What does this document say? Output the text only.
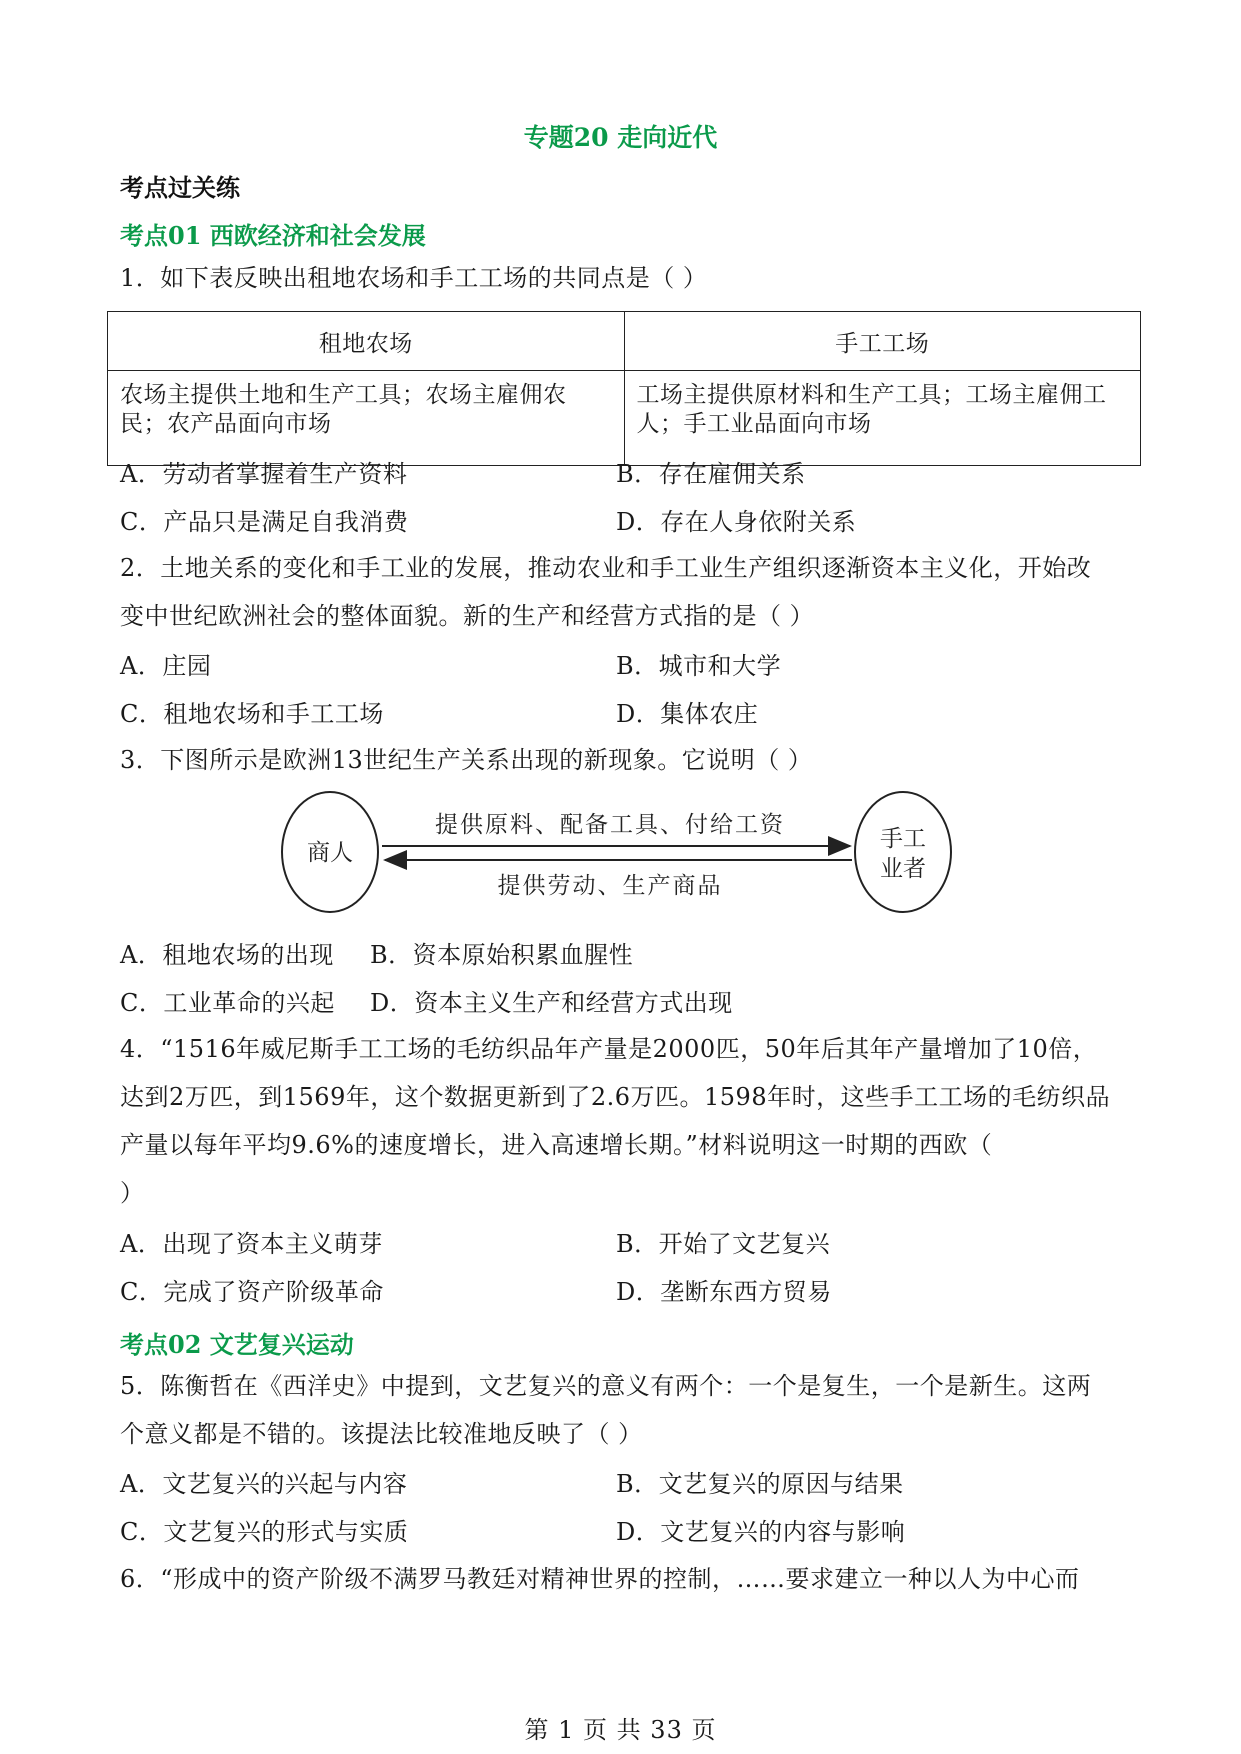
专题20 走向近代
考点过关练
考点01 西欧经济和社会发展
1．如下表反映出租地农场和手工工场的共同点是（ ）
租地农场	手工工场
农场主提供土地和生产工具；农场主雇佣农民；农产品面向市场	工场主提供原材料和生产工具；工场主雇佣工人；手工业品面向市场
A．劳动者掌握着生产资料	B．存在雇佣关系
C．产品只是满足自我消费	D．存在人身依附关系
2．土地关系的变化和手工业的发展，推动农业和手工业生产组织逐渐资本主义化，开始改
变中世纪欧洲社会的整体面貌。新的生产和经营方式指的是（ ）
A．庄园	B．城市和大学
C．租地农场和手工工场	D．集体农庄
3．下图所示是欧洲13世纪生产关系出现的新现象。它说明（ ）
商人
手工
业者
提供原料、配备工具、付给工资
提供劳动、生产商品
A．租地农场的出现 B．资本原始积累血腥性
C．工业革命的兴起 D．资本主义生产和经营方式出现
4．“1516年威尼斯手工工场的毛纺织品年产量是2000匹，50年后其年产量增加了10倍，
达到2万匹，到1569年，这个数据更新到了2.6万匹。1598年时，这些手工工场的毛纺织品
产量以每年平均9.6%的速度增长，进入高速增长期。”材料说明这一时期的西欧（
）
A．出现了资本主义萌芽	B．开始了文艺复兴
C．完成了资产阶级革命	D．垄断东西方贸易
考点02 文艺复兴运动
5．陈衡哲在《西洋史》中提到，文艺复兴的意义有两个：一个是复生，一个是新生。这两
个意义都是不错的。该提法比较准地反映了（ ）
A．文艺复兴的兴起与内容	B．文艺复兴的原因与结果
C．文艺复兴的形式与实质	D．文艺复兴的内容与影响
6．“形成中的资产阶级不满罗马教廷对精神世界的控制，……要求建立一种以人为中心而
第 1 页 共 33 页
